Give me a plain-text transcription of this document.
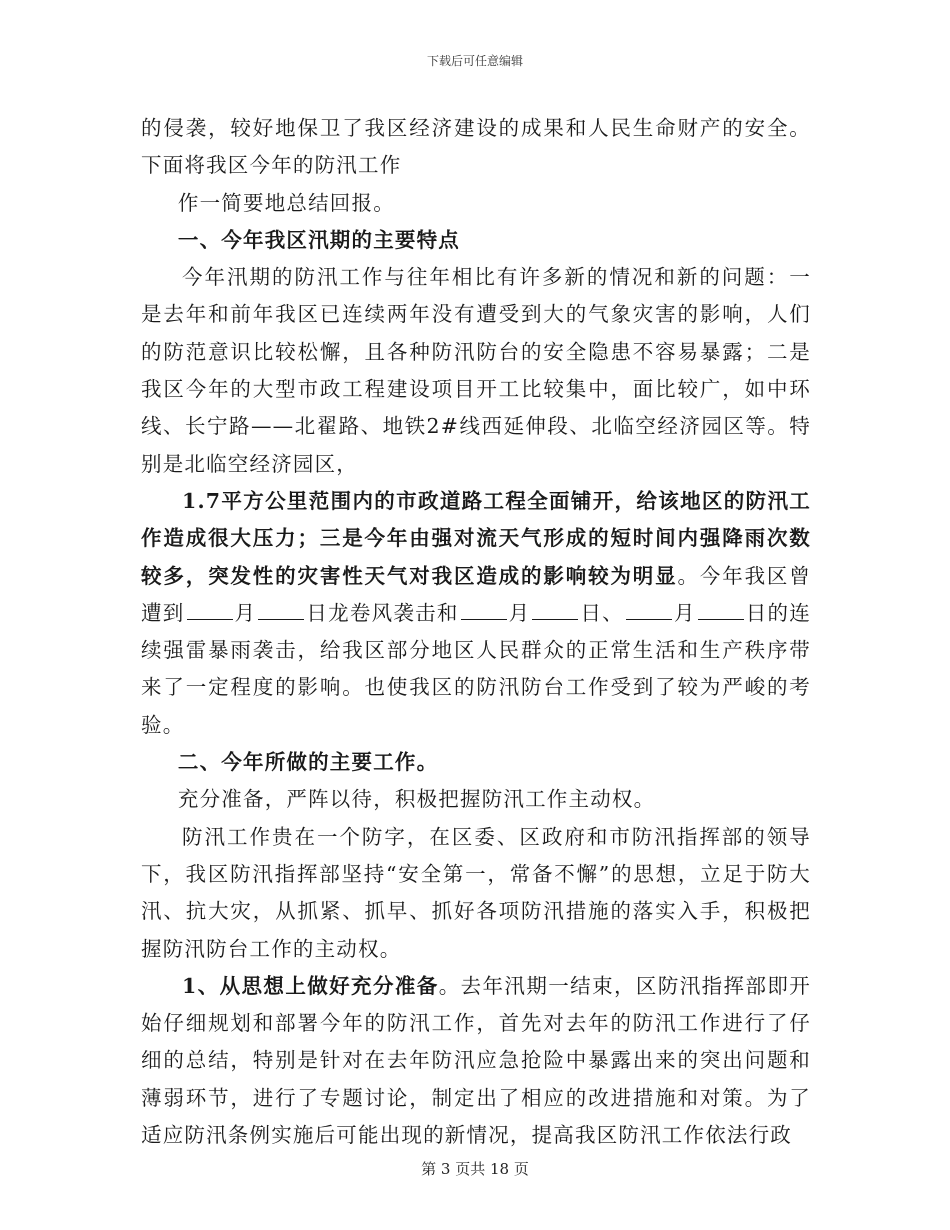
下载后可任意编辑

的侵袭，较好地保卫了我区经济建设的成果和人民生命财产的安全。下面将我区今年的防汛工作

作一简要地总结回报。

一、今年我区汛期的主要特点

今年汛期的防汛工作与往年相比有许多新的情况和新的问题：一是去年和前年我区已连续两年没有遭受到大的气象灾害的影响，人们的防范意识比较松懈，且各种防汛防台的安全隐患不容易暴露；二是我区今年的大型市政工程建设项目开工比较集中，面比较广，如中环线、长宁路——北翟路、地铁2#线西延伸段、北临空经济园区等。特别是北临空经济园区，

1.7平方公里范围内的市政道路工程全面铺开，给该地区的防汛工作造成很大压力；三是今年由强对流天气形成的短时间内强降雨次数较多，突发性的灾害性天气对我区造成的影响较为明显。今年我区曾遭到 月 日龙卷风袭击和 月 日、 月 日的连续强雷暴雨袭击，给我区部分地区人民群众的正常生活和生产秩序带来了一定程度的影响。也使我区的防汛防台工作受到了较为严峻的考验。

二、今年所做的主要工作。

充分准备，严阵以待，积极把握防汛工作主动权。

防汛工作贵在一个防字，在区委、区政府和市防汛指挥部的领导下，我区防汛指挥部坚持“安全第一，常备不懈”的思想，立足于防大汛、抗大灾，从抓紧、抓早、抓好各项防汛措施的落实入手，积极把握防汛防台工作的主动权。

1、从思想上做好充分准备。去年汛期一结束，区防汛指挥部即开始仔细规划和部署今年的防汛工作，首先对去年的防汛工作进行了仔细的总结，特别是针对在去年防汛应急抢险中暴露出来的突出问题和薄弱环节，进行了专题讨论，制定出了相应的改进措施和对策。为了适应防汛条例实施后可能出现的新情况，提高我区防汛工作依法行政

第 3 页共 18 页
